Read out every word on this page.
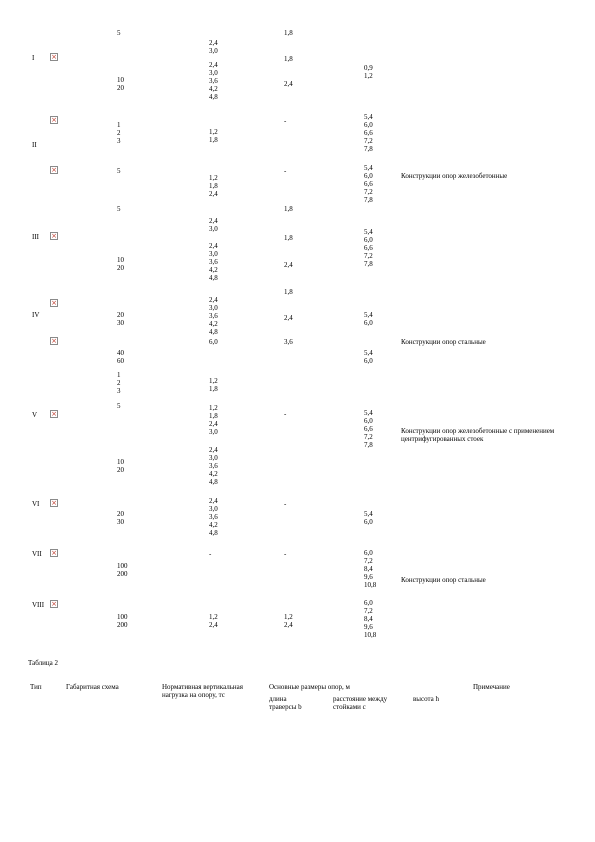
I
II
III
IV
V
VI
VII
VIII
×
×
×
×
×
×
×
×
×
×
5

10
20

1
2
3

5
5

10
20

20
30

40
60

1
2
3

5

10
20

20
30

100
200

100
200

2,4
3,0

2,4
3,0
3,6
4,2
4,8

1,2
1,8

1,2
1,8
2,4

2,4
3,0

2,4
3,0
3,6
4,2
4,8

2,4
3,0
3,6
4,2
4,8

6,0

1,2
1,8

1,2
1,8
2,4
3,0

2,4
3,0
3,6
4,2
4,8

2,4
3,0
3,6
4,2
4,8

-

1,2
2,4

1,8
1,8
2,4
-
-
1,8
1,8
2,4
1,8
2,4
3,6
-
-
-

1,2
2,4

0,9
1,2

5,4
6,0
6,6
7,2
7,8

5,4
6,0
6,6
7,2
7,8

5,4
6,0
6,6
7,2
7,8

5,4
6,0

5,4
6,0

5,4
6,0
6,6
7,2
7,8

5,4
6,0

6,0
7,2
8,4
9,6
10,8

6,0
7,2
8,4
9,6
10,8

Конструкции опор железобетонные
Конструкции опор стальные
Конструкции опор железобетонные с применением центрифугированных стоек
Конструкции опор стальные
Таблица 2
Тип	Габаритная схема	Нормативная вертикальная нагрузка на опору, тс
Основные размеры опор, м
длина траверсы b
расстояние между стойками c
высота h
Примечание
